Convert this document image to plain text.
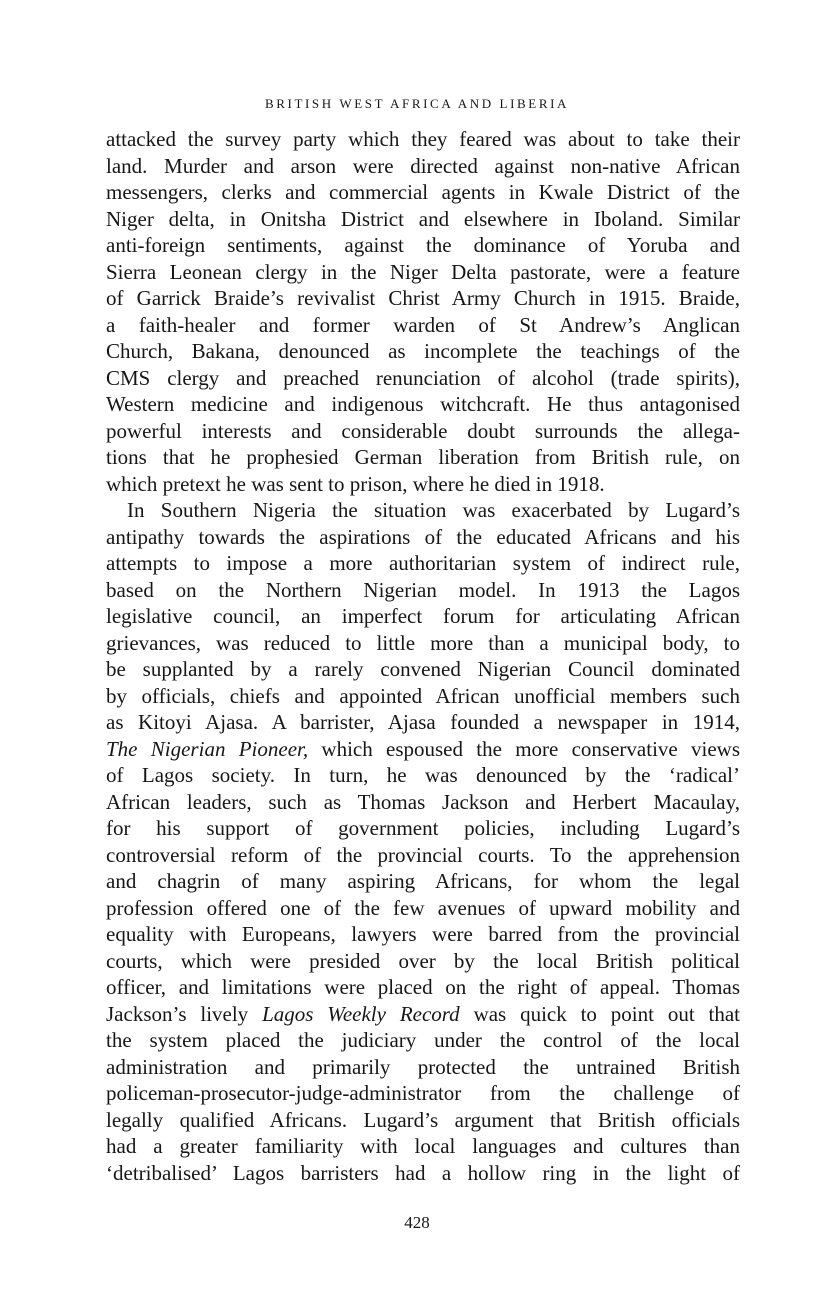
BRITISH WEST AFRICA AND LIBERIA
attacked the survey party which they feared was about to take their
land. Murder and arson were directed against non-native African
messengers, clerks and commercial agents in Kwale District of the
Niger delta, in Onitsha District and elsewhere in Iboland. Similar
anti-foreign sentiments, against the dominance of Yoruba and
Sierra Leonean clergy in the Niger Delta pastorate, were a feature
of Garrick Braide’s revivalist Christ Army Church in 1915. Braide,
a faith-healer and former warden of St Andrew’s Anglican
Church, Bakana, denounced as incomplete the teachings of the
CMS clergy and preached renunciation of alcohol (trade spirits),
Western medicine and indigenous witchcraft. He thus antagonised
powerful interests and considerable doubt surrounds the allega-
tions that he prophesied German liberation from British rule, on
which pretext he was sent to prison, where he died in 1918.
In Southern Nigeria the situation was exacerbated by Lugard’s
antipathy towards the aspirations of the educated Africans and his
attempts to impose a more authoritarian system of indirect rule,
based on the Northern Nigerian model. In 1913 the Lagos
legislative council, an imperfect forum for articulating African
grievances, was reduced to little more than a municipal body, to
be supplanted by a rarely convened Nigerian Council dominated
by officials, chiefs and appointed African unofficial members such
as Kitoyi Ajasa. A barrister, Ajasa founded a newspaper in 1914,
The Nigerian Pioneer, which espoused the more conservative views
of Lagos society. In turn, he was denounced by the ‘radical’
African leaders, such as Thomas Jackson and Herbert Macaulay,
for his support of government policies, including Lugard’s
controversial reform of the provincial courts. To the apprehension
and chagrin of many aspiring Africans, for whom the legal
profession offered one of the few avenues of upward mobility and
equality with Europeans, lawyers were barred from the provincial
courts, which were presided over by the local British political
officer, and limitations were placed on the right of appeal. Thomas
Jackson’s lively Lagos Weekly Record was quick to point out that
the system placed the judiciary under the control of the local
administration and primarily protected the untrained British
policeman-prosecutor-judge-administrator from the challenge of
legally qualified Africans. Lugard’s argument that British officials
had a greater familiarity with local languages and cultures than
‘detribalised’ Lagos barristers had a hollow ring in the light of
428
